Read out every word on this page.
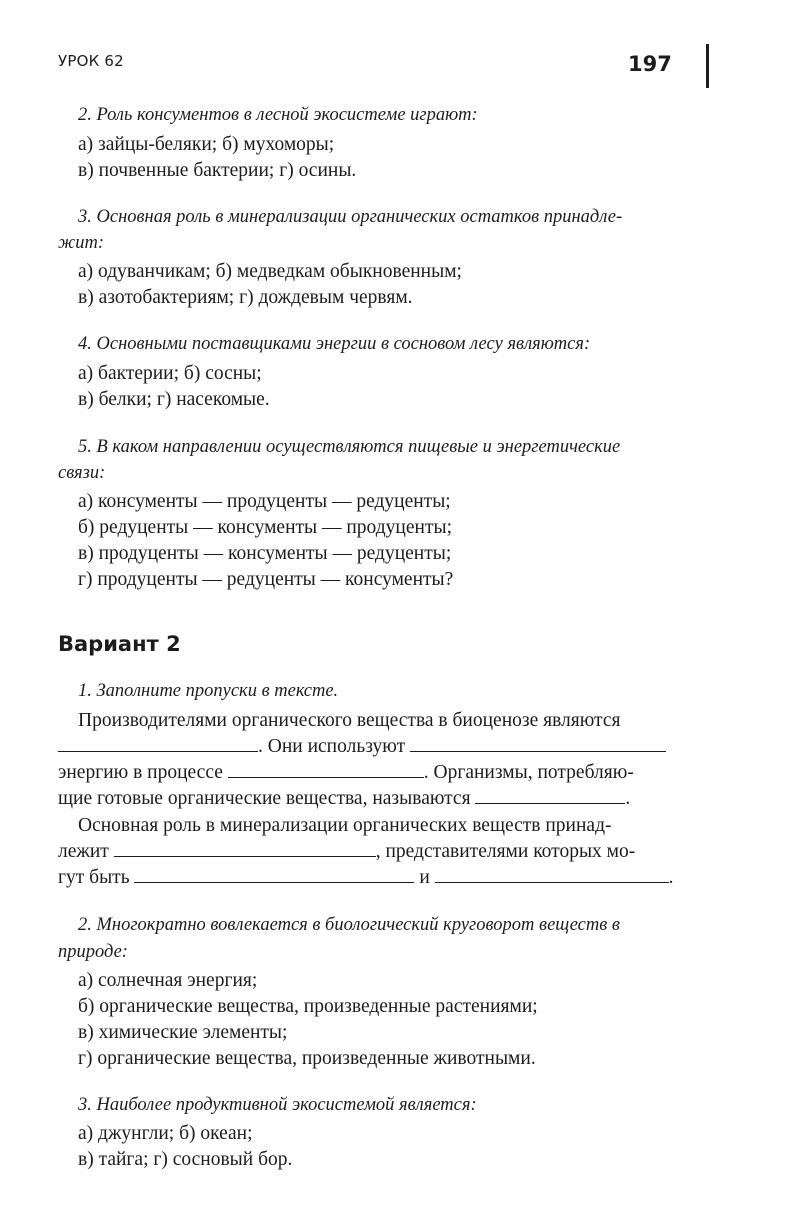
УРОК 62	197
2. Роль консументов в лесной экосистеме играют:
а) зайцы-беляки; б) мухоморы;
в) почвенные бактерии; г) осины.
3. Основная роль в минерализации органических остатков принадле-
жит:
а) одуванчикам; б) медведкам обыкновенным;
в) азотобактериям; г) дождевым червям.
4. Основными поставщиками энергии в сосновом лесу являются:
а) бактерии; б) сосны;
в) белки; г) насекомые.
5. В каком направлении осуществляются пищевые и энергетические
связи:
а) консументы — продуценты — редуценты;
б) редуценты — консументы — продуценты;
в) продуценты — консументы — редуценты;
г) продуценты — редуценты — консументы?
Вариант 2
1. Заполните пропуски в тексте.
Производителями органического вещества в биоценозе являются
. Они используют
энергию в процессе	. Организмы, потребляю-
щие готовые органические вещества, называются	.
Основная роль в минерализации органических веществ принад-
лежит	, представителями которых мо-
гут быть	и	.
2. Многократно вовлекается в биологический круговорот веществ в
природе:
а) солнечная энергия;
б) органические вещества, произведенные растениями;
в) химические элементы;
г) органические вещества, произведенные животными.
3. Наиболее продуктивной экосистемой является:
а) джунгли; б) океан;
в) тайга; г) сосновый бор.
